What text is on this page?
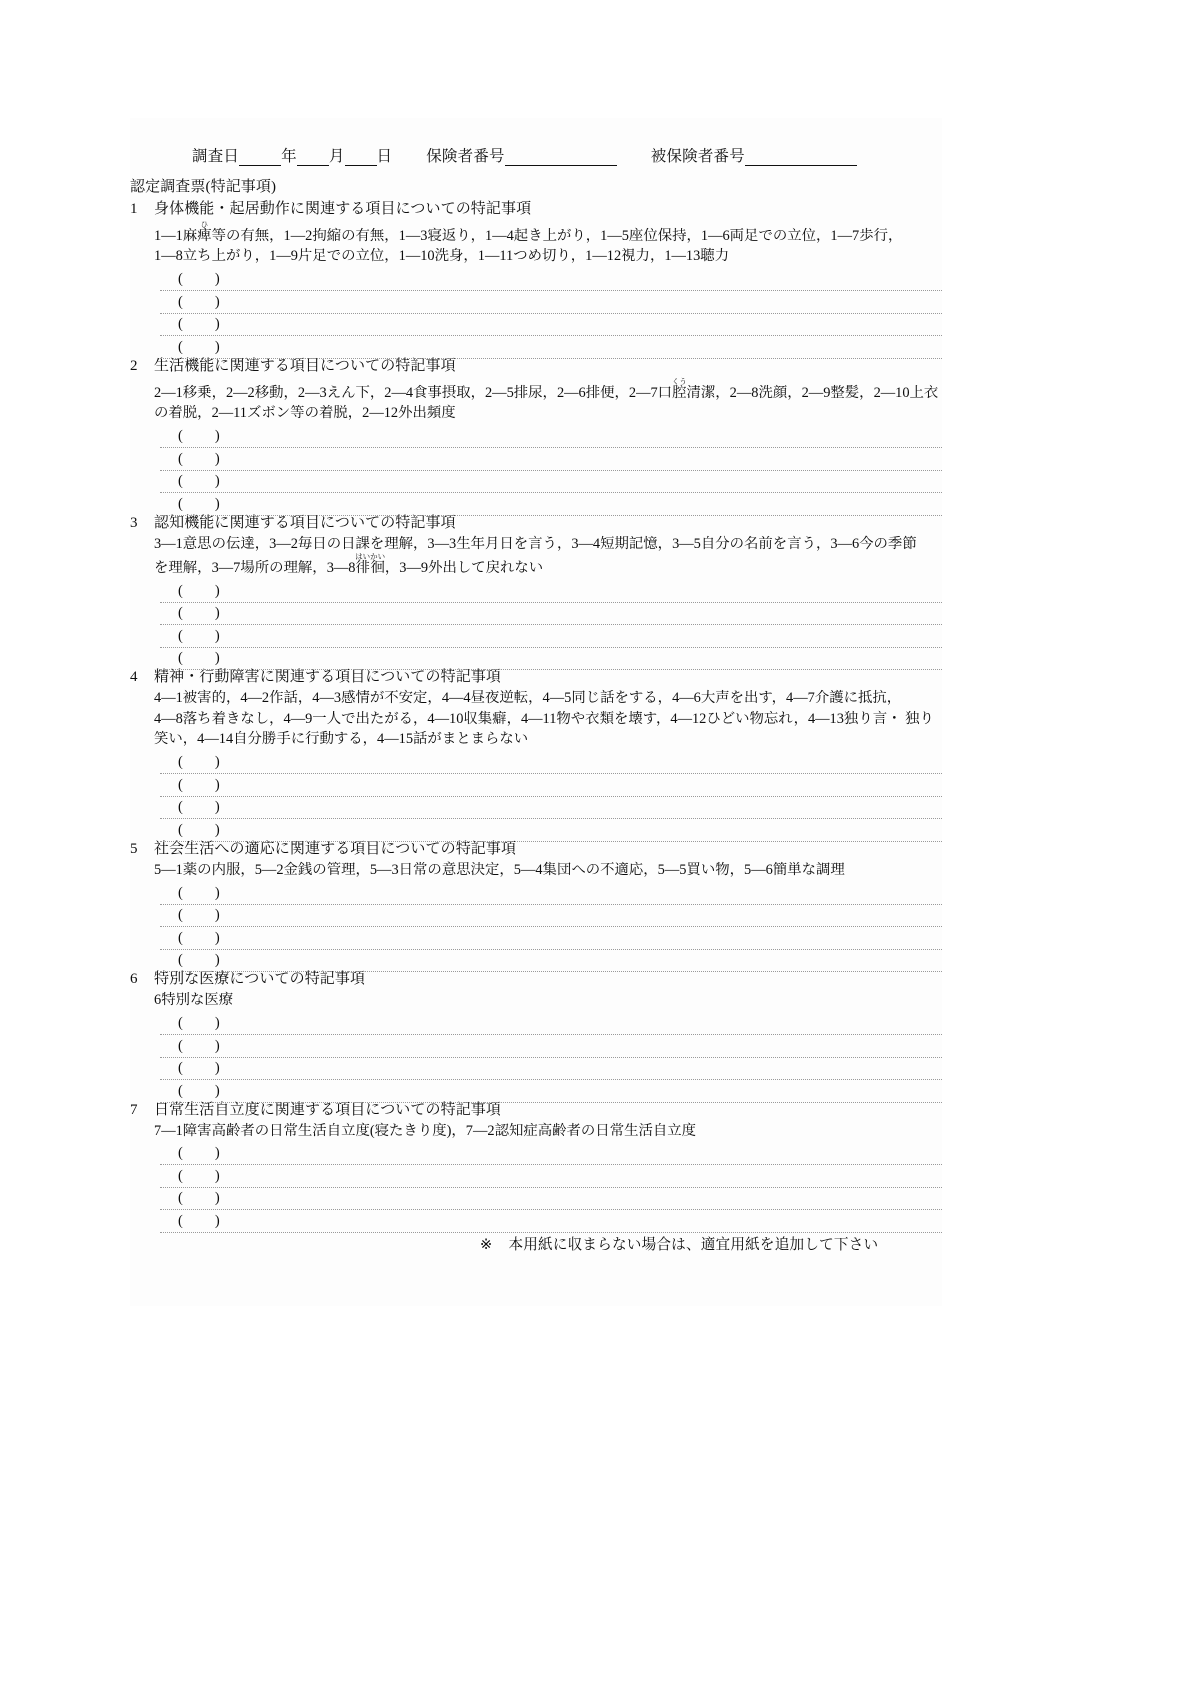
調査日	年 月 日 保険者番号	被保険者番号
認定調査票(特記事項)
1	身体機能・起居動作に関連する項目についての特記事項
1―1麻痺ひ等の有無，1―2拘縮の有無，1―3寝返り，1―4起き上がり，1―5座位保持，1―6両足での立位，1―7歩行，
1―8立ち上がり，1―9片足での立位，1―10洗身，1―11つめ切り，1―12視力，1―13聴力
(　　)
(　　)
(　　)
(　　)
2	生活機能に関連する項目についての特記事項
2―1移乗，2―2移動，2―3えん下，2―4食事摂取，2―5排尿，2―6排便，2―7口腔くう清潔，2―8洗顔，2―9整髪，2―10上衣
の着脱，2―11ズボン等の着脱，2―12外出頻度
(　　)
(　　)
(　　)
(　　)
3	認知機能に関連する項目についての特記事項
3―1意思の伝達，3―2毎日の日課を理解，3―3生年月日を言う，3―4短期記憶，3―5自分の名前を言う，3―6今の季節
を理解，3―7場所の理解，3―8徘徊はいかい，3―9外出して戻れない
(　　)
(　　)
(　　)
(　　)
4	精神・行動障害に関連する項目についての特記事項
4―1被害的，4―2作話，4―3感情が不安定，4―4昼夜逆転，4―5同じ話をする，4―6大声を出す，4―7介護に抵抗，
4―8落ち着きなし，4―9一人で出たがる，4―10収集癖，4―11物や衣類を壊す，4―12ひどい物忘れ，4―13独り言・ 独り笑い，4―14自分勝手に行動する，4―15話がまとまらない
(　　)
(　　)
(　　)
(　　)
5	社会生活への適応に関連する項目についての特記事項
5―1薬の内服，5―2金銭の管理，5―3日常の意思決定，5―4集団への不適応，5―5買い物，5―6簡単な調理
(　　)
(　　)
(　　)
(　　)
6	特別な医療についての特記事項
6特別な医療
(　　)
(　　)
(　　)
(　　)
7	日常生活自立度に関連する項目についての特記事項
7―1障害高齢者の日常生活自立度(寝たきり度)，7―2認知症高齢者の日常生活自立度
(　　)
(　　)
(　　)
(　　)
※ 本用紙に収まらない場合は、適宜用紙を追加して下さい
